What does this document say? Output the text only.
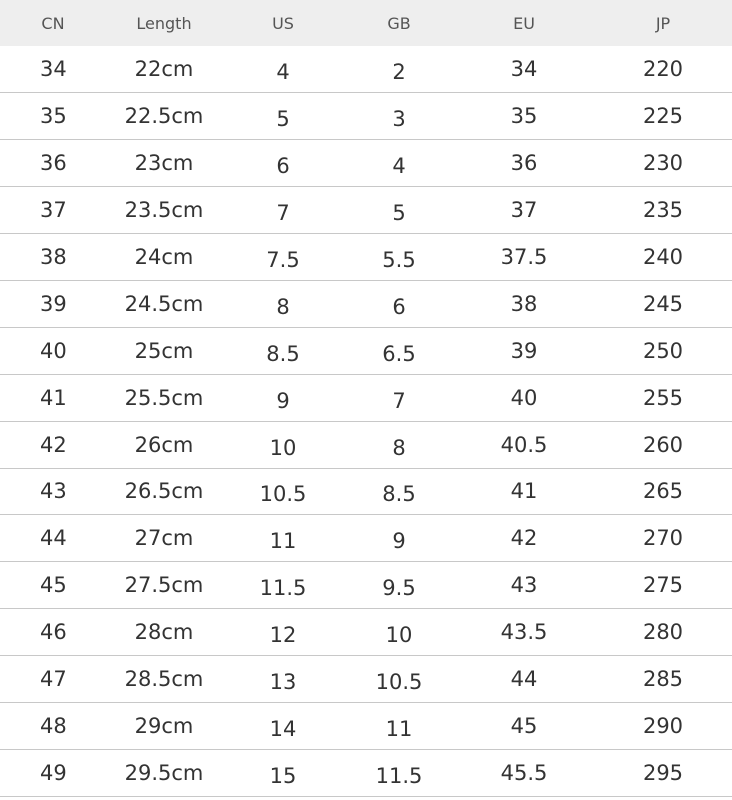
CN	Length	US	GB	EU	JP
34	22cm	4	2	34	220
35	22.5cm	5	3	35	225
36	23cm	6	4	36	230
37	23.5cm	7	5	37	235
38	24cm	7.5	5.5	37.5	240
39	24.5cm	8	6	38	245
40	25cm	8.5	6.5	39	250
41	25.5cm	9	7	40	255
42	26cm	10	8	40.5	260
43	26.5cm	10.5	8.5	41	265
44	27cm	11	9	42	270
45	27.5cm	11.5	9.5	43	275
46	28cm	12	10	43.5	280
47	28.5cm	13	10.5	44	285
48	29cm	14	11	45	290
49	29.5cm	15	11.5	45.5	295
